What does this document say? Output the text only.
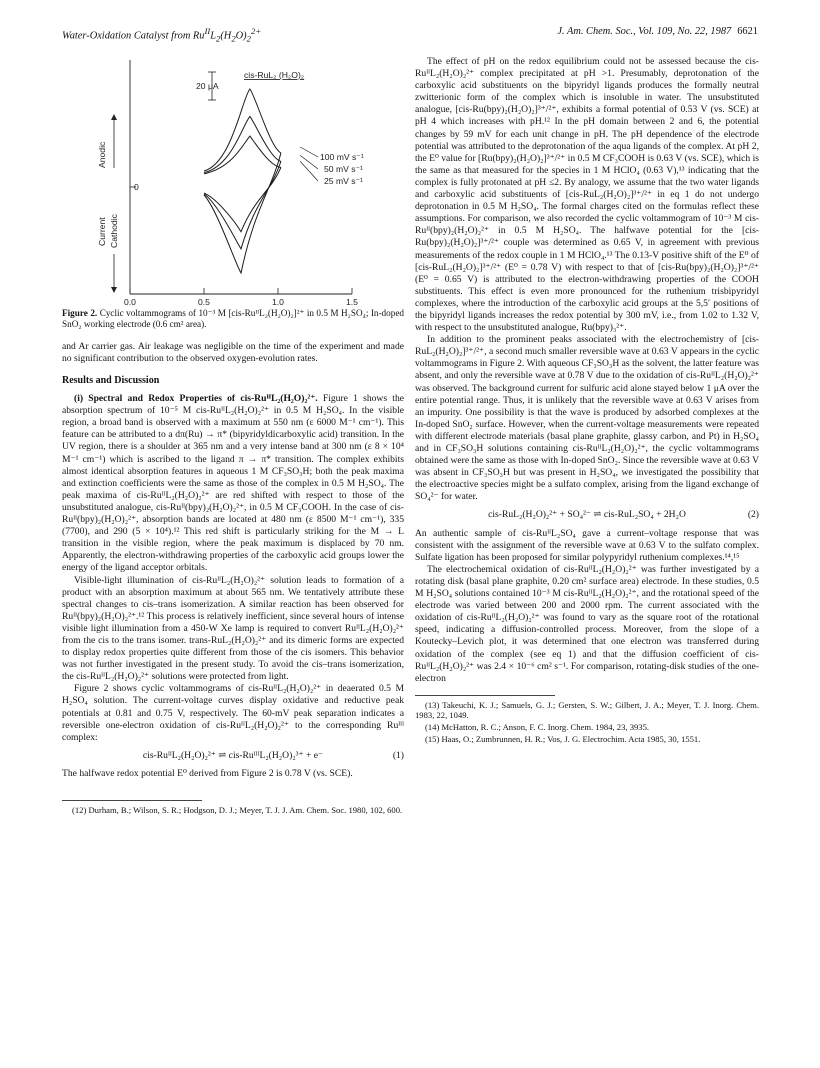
Water-Oxidation Catalyst from $Ru^{II}L_2(H_2O)_2^{2+}$	J. Am. Chem. Soc., Vol. 109, No. 22, 1987 6621
0.0	0.5	1.0	1.5
0
20 μA
cis-RuL₂ (H₂O)₂
Current
Anodic
Cathodic
100 mV s⁻¹
50 mV s⁻¹
25 mV s⁻¹
Figure 2. Cyclic voltammograms of 10⁻³ M [cis-RuᴵᴵL₂(H₂O)₂]²⁺ in 0.5 M H₂SO₄; In-doped SnO₂ working electrode (0.6 cm² area).

and Ar carrier gas. Air leakage was negligible on the time of the experiment and made no significant contribution to the observed oxygen-evolution rates.

Results and Discussion

(i) Spectral and Redox Properties of cis-RuᴵᴵL₂(H₂O)₂²⁺. Figure 1 shows the absorption spectrum of 10⁻⁵ M cis-RuᴵᴵL₂(H₂O)₂²⁺ in 0.5 M H₂SO₄. In the visible region, a broad band is observed with a maximum at 550 nm (ε 6000 M⁻¹ cm⁻¹). This feature can be attributed to a dπ(Ru) → π* (bipyridyldicarboxylic acid) transition. In the UV region, there is a shoulder at 365 nm and a very intense band at 300 nm (ε 8 × 10⁴ M⁻¹ cm⁻¹) which is ascribed to the ligand π → π* transition. The complex exhibits almost identical absorption features in aqueous 1 M CF₃SO₃H; both the peak maxima and extinction coefficients were the same as those of the complex in 0.5 M H₂SO₄. The peak maxima of cis-RuᴵᴵL₂(H₂O)₂²⁺ are red shifted with respect to those of the unsubstituted analogue, cis-Ruᴵᴵ(bpy)₂(H₂O)₂²⁺, in 0.5 M CF₃COOH. In the case of cis-Ruᴵᴵ(bpy)₂(H₂O)₂²⁺, absorption bands are located at 480 nm (ε 8500 M⁻¹ cm⁻¹), 335 (7700), and 290 (5 × 10⁴).¹² This red shift is particularly striking for the M → L transition in the visible region, where the peak maximum is displaced by 70 nm. Apparently, the electron-withdrawing properties of the carboxylic acid groups lower the energy of the ligand acceptor orbitals.

Visible-light illumination of cis-RuᴵᴵL₂(H₂O)₂²⁺ solution leads to formation of a product with an absorption maximum at about 565 nm. We tentatively attribute these spectral changes to cis–trans isomerization. A similar reaction has been observed for Ruᴵᴵ(bpy)₂(H₂O)₂²⁺.¹² This process is relatively inefficient, since several hours of intense visible light illumination from a 450-W Xe lamp is required to convert RuᴵᴵL₂(H₂O)₂²⁺ from the cis to the trans isomer. trans-RuL₂(H₂O)₂²⁺ and its dimeric forms are expected to display redox properties quite different from those of the cis isomers. This behavior was not further investigated in the present study. To avoid the cis–trans isomerization, the cis-RuᴵᴵL₂(H₂O)₂²⁺ solutions were protected from light.

Figure 2 shows cyclic voltammograms of cis-RuᴵᴵL₂(H₂O)₂²⁺ in deaerated 0.5 M H₂SO₄ solution. The current-voltage curves display oxidative and reductive peak potentials at 0.81 and 0.75 V, respectively. The 60-mV peak separation indicates a reversible one-electron oxidation of cis-RuᴵᴵL₂(H₂O)₂²⁺ to the corresponding Ruᴵᴵᴵ complex:

cis-RuᴵᴵL₂(H₂O)₂²⁺ ⇌ cis-RuᴵᴵᴵL₂(H₂O)₂³⁺ + e⁻	(1)

The halfwave redox potential E⁰ derived from Figure 2 is 0.78 V (vs. SCE).

(12) Durham, B.; Wilson, S. R.; Hodgson, D. J.; Meyer, T. J. J. Am. Chem. Soc. 1980, 102, 600.

The effect of pH on the redox equilibrium could not be assessed because the cis-RuᴵᴵL₂(H₂O)₂²⁺ complex precipitated at pH >1. Presumably, deprotonation of the carboxylic acid substituents on the bipyridyl ligands produces the formally neutral zwitterionic form of the complex which is insoluble in water. The unsubstituted analogue, [cis-Ru(bpy)₂(H₂O)₂]³⁺/²⁺, exhibits a formal potential of 0.53 V (vs. SCE) at pH 4 which increases with pH.¹² In the pH domain between 2 and 6, the potential changes by 59 mV for each unit change in pH. The pH dependence of the electrode potential was attributed to the deprotonation of the aqua ligands of the complex. At pH 2, the E⁰ value for [Ru(bpy)₂(H₂O)₂]³⁺/²⁺ in 0.5 M CF₃COOH is 0.63 V (vs. SCE), which is the same as that measured for the species in 1 M HClO₄ (0.63 V),¹³ indicating that the complex is fully protonated at pH ≤2. By analogy, we assume that the two water ligands and carboxylic acid substituents of [cis-RuL₂(H₂O)₂]³⁺/²⁺ in eq 1 do not undergo deprotonation in 0.5 M H₂SO₄. The formal charges cited on the formulas reflect these assumptions. For comparison, we also recorded the cyclic voltammogram of 10⁻³ M cis-Ruᴵᴵ(bpy)₂(H₂O)₂²⁺ in 0.5 M H₂SO₄. The halfwave potential for the [cis-Ru(bpy)₂(H₂O)₂]³⁺/²⁺ couple was determined as 0.65 V, in agreement with previous measurements of the redox couple in 1 M HClO₄.¹³ The 0.13-V positive shift of the E⁰ of [cis-RuL₂(H₂O)₂]³⁺/²⁺ (E⁰ = 0.78 V) with respect to that of [cis-Ru(bpy)₂(H₂O)₂]³⁺/²⁺ (E⁰ = 0.65 V) is attributed to the electron-withdrawing properties of the COOH substituents. This effect is even more pronounced for the ruthenium trisbipyridyl complexes, where the introduction of the carboxylic acid groups at the 5,5′ positions of the bipyridyl ligands increases the redox potential by 300 mV, i.e., from 1.02 to 1.32 V, with respect to the unsubstituted analogue, Ru(bpy)₃²⁺.

In addition to the prominent peaks associated with the electrochemistry of [cis-RuL₂(H₂O)₂]³⁺/²⁺, a second much smaller reversible wave at 0.63 V appears in the cyclic voltammograms in Figure 2. With aqueous CF₃SO₃H as the solvent, the latter feature was absent, and only the reversible wave at 0.78 V due to the oxidation of cis-RuᴵᴵL₂(H₂O)₂²⁺ was observed. The background current for sulfuric acid alone stayed below 1 μA over the entire potential range. Thus, it is unlikely that the reversible wave at 0.63 V arises from an impurity. One possibility is that the wave is produced by adsorbed complexes at the In-doped SnO₂ surface. However, when the current-voltage measurements were repeated with different electrode materials (basal plane graphite, glassy carbon, and Pt) in H₂SO₄ and in CF₃SO₃H solutions containing cis-RuᴵᴵL₂(H₂O)₂²⁺, the cyclic voltammograms obtained were the same as those with In-doped SnO₂. Since the reversible wave at 0.63 V was absent in CF₃SO₃H but was present in H₂SO₄, we investigated the possibility that the electroactive species might be a sulfato complex, arising from the ligand exchange of SO₄²⁻ for water.

cis-RuL₂(H₂O)₂²⁺ + SO₄²⁻ ⇌ cis-RuL₂SO₄ + 2H₂O	(2)

An authentic sample of cis-RuᴵᴵL₂SO₄ gave a current–voltage response that was consistent with the assignment of the reversible wave at 0.63 V to the sulfato complex. Sulfate ligation has been proposed for similar polypyridyl ruthenium complexes.¹⁴,¹⁵

The electrochemical oxidation of cis-RuᴵᴵL₂(H₂O)₂²⁺ was further investigated by a rotating disk (basal plane graphite, 0.20 cm² surface area) electrode. In these studies, 0.5 M H₂SO₄ solutions contained 10⁻³ M cis-RuᴵᴵL₂(H₂O)₂²⁺, and the rotational speed of the electrode was varied between 200 and 2000 rpm. The current associated with the oxidation of cis-RuᴵᴵL₂(H₂O)₂²⁺ was found to vary as the square root of the rotational speed, indicating a diffusion-controlled process. Moreover, from the slope of a Koutecky–Levich plot, it was determined that one electron was transferred during oxidation of the complex (see eq 1) and that the diffusion coefficient of cis-RuᴵᴵL₂(H₂O)₂²⁺ was 2.4 × 10⁻⁶ cm² s⁻¹. For comparison, rotating-disk studies of the one-electron

(13) Takeuchi, K. J.; Samuels, G. J.; Gersten, S. W.; Gilbert, J. A.; Meyer, T. J. Inorg. Chem. 1983, 22, 1049.

(14) McHatton, R. C.; Anson, F. C. Inorg. Chem. 1984, 23, 3935.

(15) Haas, O.; Zumbrunnen, H. R.; Vos, J. G. Electrochim. Acta 1985, 30, 1551.
